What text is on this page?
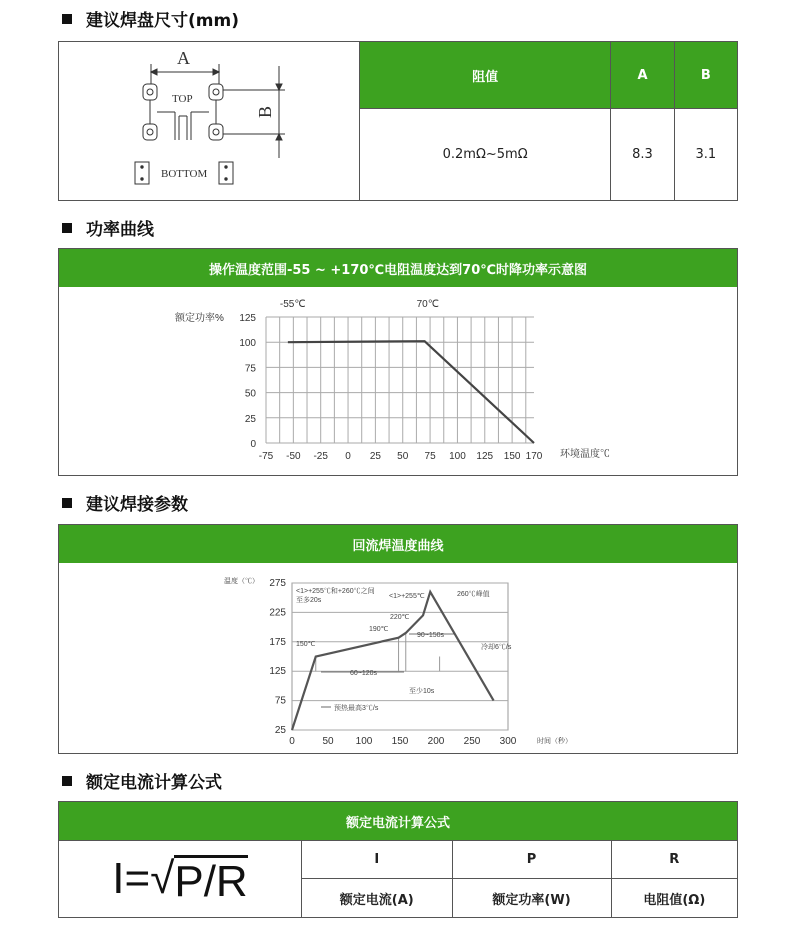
建议焊盘尺寸(mm)
A
TOP
B
BOTTOM
阻值	A	B
0.2mΩ~5mΩ	8.3	3.1
功率曲线
操作温度范围-55 ~ +170℃电阻温度达到70℃时降功率示意图
0
25
50
75
100
125
-75 -50 -25 0 25 50 75 100 125 150 170
额定功率%
环境温度℃
-55℃	70℃
建议焊接参数
回流焊温度曲线
25
75
125
175
225
275
0	50 100 150 200 250 300
温度（℃）
时间（秒）
<1>+255℃和+260℃之间
至多20s
<1>+255℃	260℃峰值
220℃
190℃
150℃
90~150s
60~120s
冷却6℃/s
至少10s
预热最高3℃/s
额定电流计算公式
额定电流计算公式
I= √ P/R	I	P	R
额定电流(A)	额定功率(W)	电阻值(Ω)
